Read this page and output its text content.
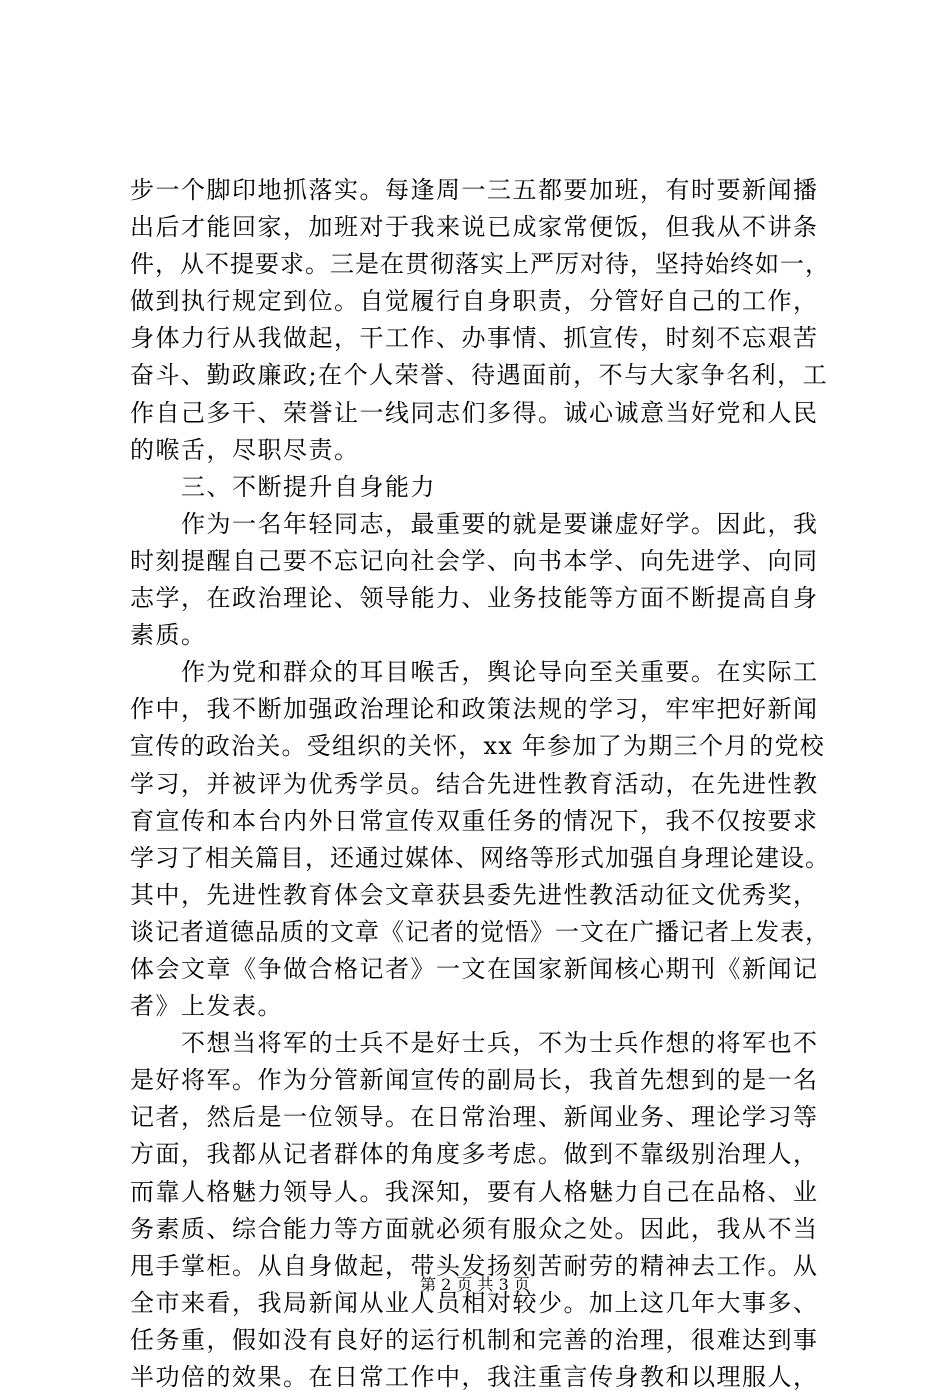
步一个脚印地抓落实。每逢周一三五都要加班，有时要新闻播
出后才能回家，加班对于我来说已成家常便饭，但我从不讲条
件，从不提要求。三是在贯彻落实上严厉对待，坚持始终如一，
做到执行规定到位。自觉履行自身职责，分管好自己的工作，
身体力行从我做起，干工作、办事情、抓宣传，时刻不忘艰苦
奋斗、勤政廉政;在个人荣誉、待遇面前，不与大家争名利，工
作自己多干、荣誉让一线同志们多得。诚心诚意当好党和人民
的喉舌，尽职尽责。
　　三、不断提升自身能力
　　作为一名年轻同志，最重要的就是要谦虚好学。因此，我
时刻提醒自己要不忘记向社会学、向书本学、向先进学、向同
志学，在政治理论、领导能力、业务技能等方面不断提高自身
素质。
　　作为党和群众的耳目喉舌，舆论导向至关重要。在实际工
作中，我不断加强政治理论和政策法规的学习，牢牢把好新闻
宣传的政治关。受组织的关怀，xx 年参加了为期三个月的党校
学习，并被评为优秀学员。结合先进性教育活动，在先进性教
育宣传和本台内外日常宣传双重任务的情况下，我不仅按要求
学习了相关篇目，还通过媒体、网络等形式加强自身理论建设。
其中，先进性教育体会文章获县委先进性教活动征文优秀奖，
谈记者道德品质的文章《记者的觉悟》一文在广播记者上发表，
体会文章《争做合格记者》一文在国家新闻核心期刊《新闻记
者》上发表。
　　不想当将军的士兵不是好士兵，不为士兵作想的将军也不
是好将军。作为分管新闻宣传的副局长，我首先想到的是一名
记者，然后是一位领导。在日常治理、新闻业务、理论学习等
方面，我都从记者群体的角度多考虑。做到不靠级别治理人，
而靠人格魅力领导人。我深知，要有人格魅力自己在品格、业
务素质、综合能力等方面就必须有服众之处。因此，我从不当
甩手掌柜。从自身做起，带头发扬刻苦耐劳的精神去工作。从
全市来看，我局新闻从业人员相对较少。加上这几年大事多、
任务重，假如没有良好的运行机制和完善的治理，很难达到事
半功倍的效果。在日常工作中，我注重言传身教和以理服人，
第 2 页 共 3 页
